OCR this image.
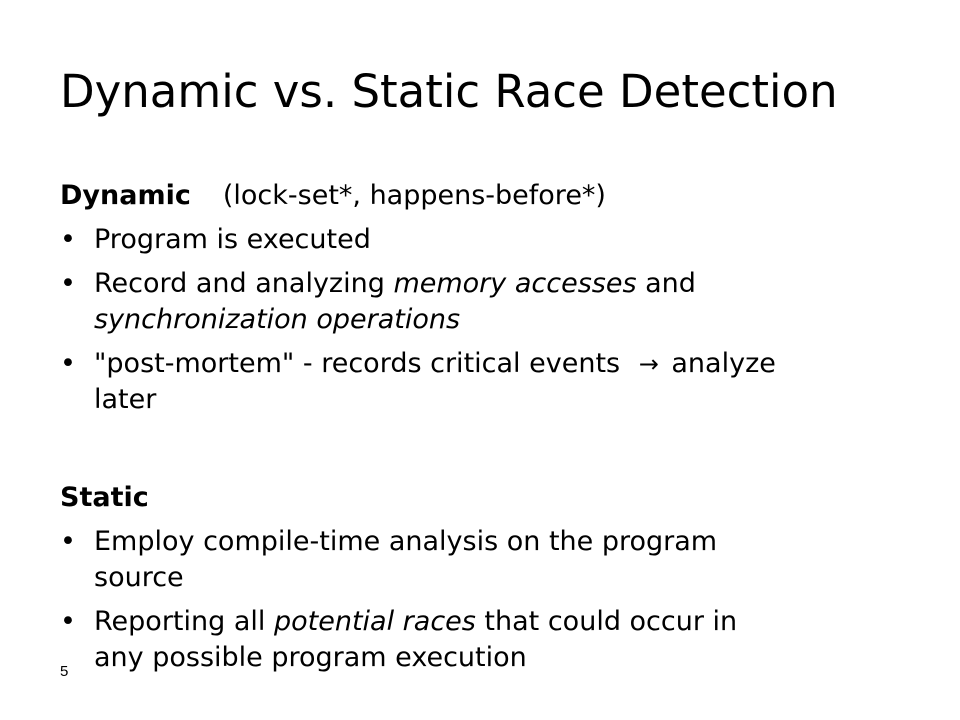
Dynamic vs. Static Race Detection
Dynamic (lock-set*, happens-before*)
• Program is executed
• Record and analyzing memory accesses and
synchronization operations
• "post-mortem" - records critical events → analyze
later
Static
• Employ compile-time analysis on the program
source
• Reporting all potential races that could occur in
any possible program execution
5
